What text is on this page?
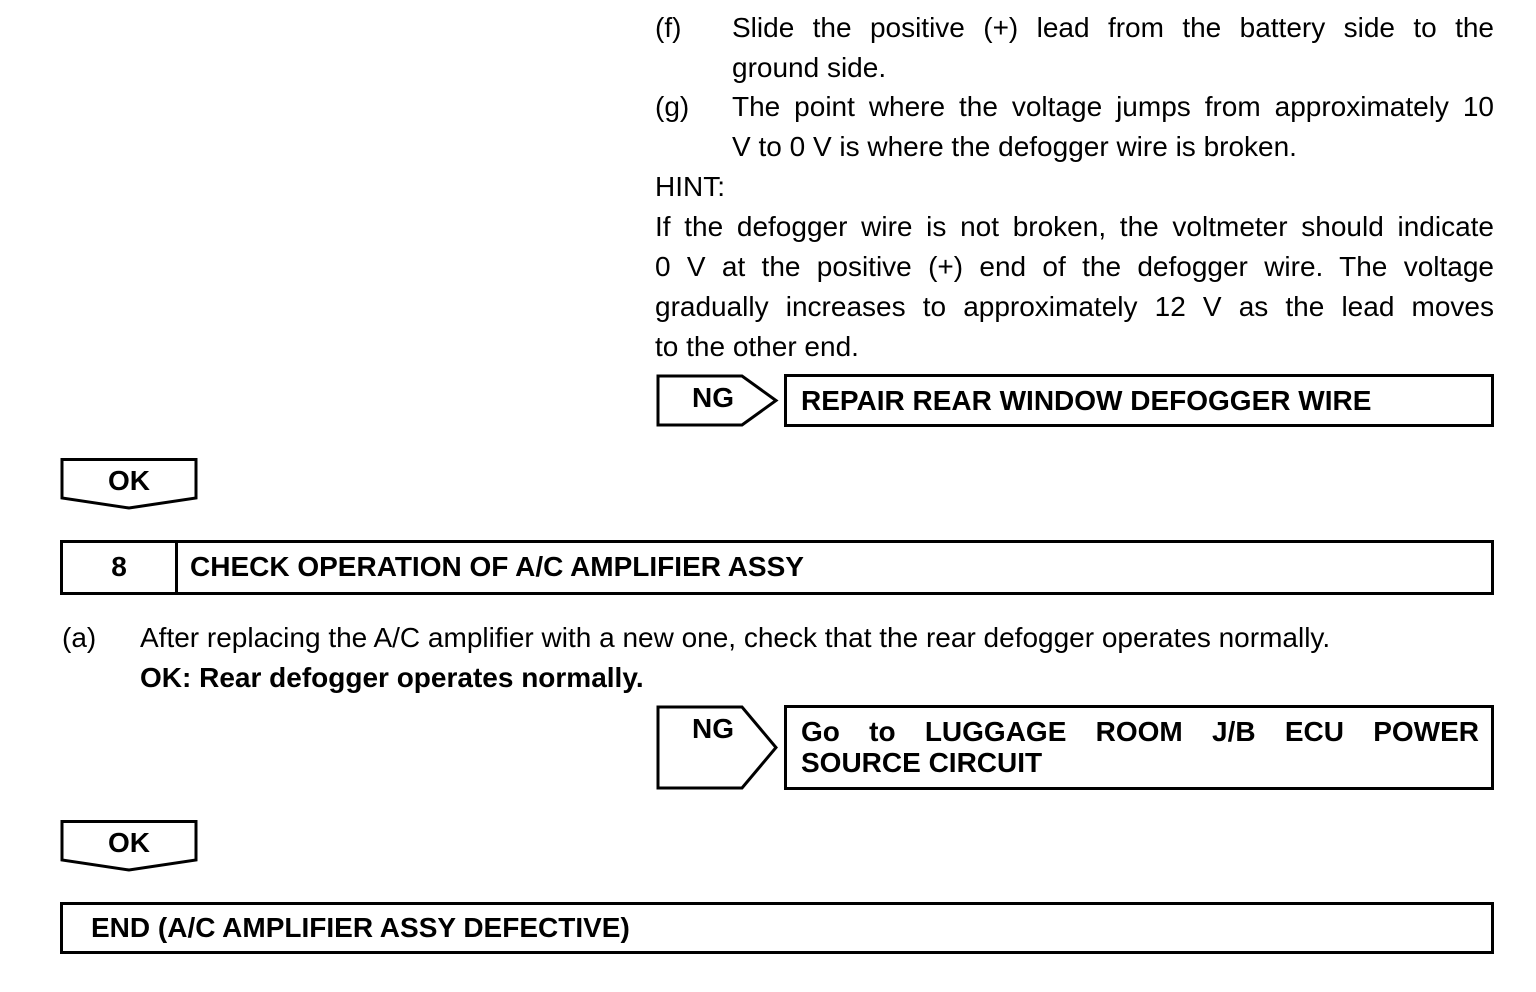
(f) Slide the positive (+) lead from the battery side to the
ground side.
(g) The point where the voltage jumps from approximately 10
V to 0 V is where the defogger wire is broken.
HINT:
If the defogger wire is not broken, the voltmeter should indicate
0 V at the positive (+) end of the defogger wire. The voltage
gradually increases to approximately 12 V as the lead moves
to the other end.
NG	REPAIR REAR WINDOW DEFOGGER WIRE
OK
8	CHECK OPERATION OF A/C AMPLIFIER ASSY
(a) After replacing the A/C amplifier with a new one, check that the rear defogger operates normally.
OK: Rear defogger operates normally.
NG	Go to LUGGAGE ROOM J/B ECU POWER
SOURCE CIRCUIT
OK
END (A/C AMPLIFIER ASSY DEFECTIVE)
